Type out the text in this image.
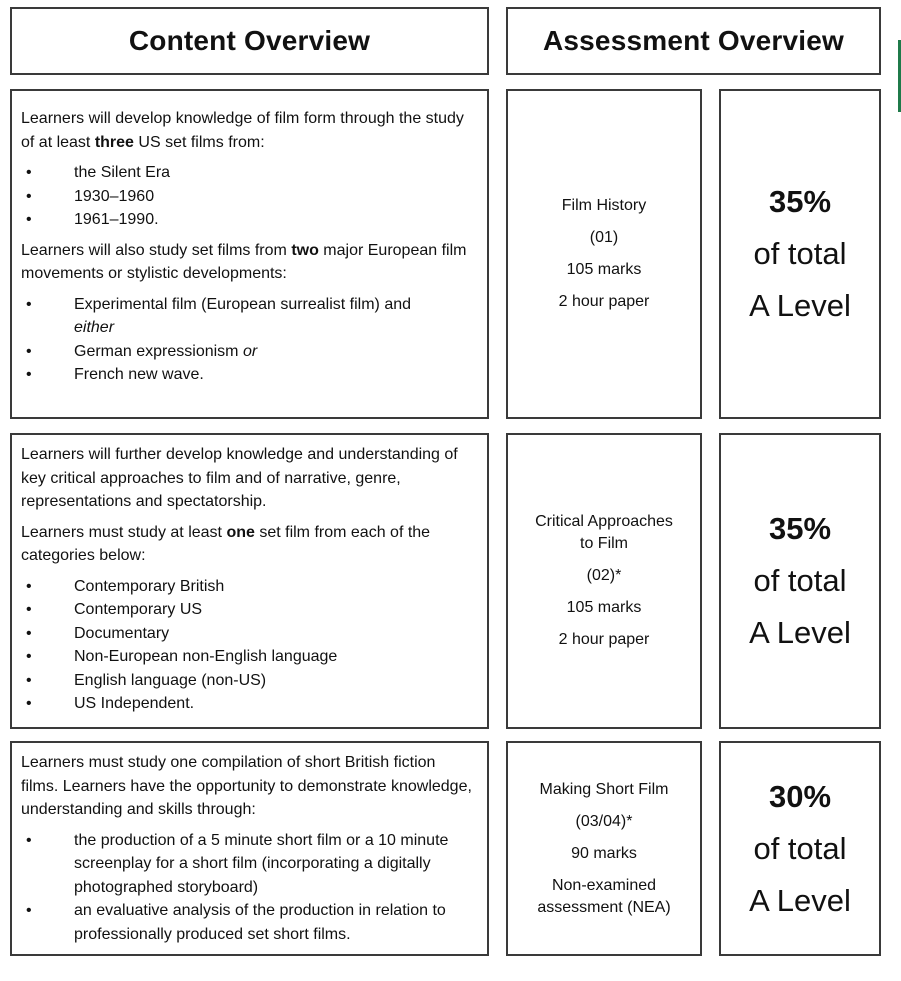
Content Overview	Assessment Overview

Learners will develop knowledge of film form through the study of at least three US set films from:

• the Silent Era
• 1930–1960
• 1961–1990.

Learners will also study set films from two major European film movements or stylistic developments:

• Experimental film (European surrealist film) and either
• German expressionism or
• French new wave.
Film History
(01)
105 marks
2 hour paper
35%
of total
A Level

Learners will further develop knowledge and understanding of key critical approaches to film and of narrative, genre, representations and spectatorship.

Learners must study at least one set film from each of the categories below:

• Contemporary British
• Contemporary US
• Documentary
• Non-European non-English language
• English language (non-US)
• US Independent.
Critical Approaches to Film
(02)*
105 marks
2 hour paper
35%
of total
A Level

Learners must study one compilation of short British fiction films. Learners have the opportunity to demonstrate knowledge, understanding and skills through:

• the production of a 5 minute short film or a 10 minute screenplay for a short film (incorporating a digitally photographed storyboard)
• an evaluative analysis of the production in relation to professionally produced set short films.
Making Short Film
(03/04)*
90 marks
Non-examined assessment (NEA)
30%
of total
A Level
